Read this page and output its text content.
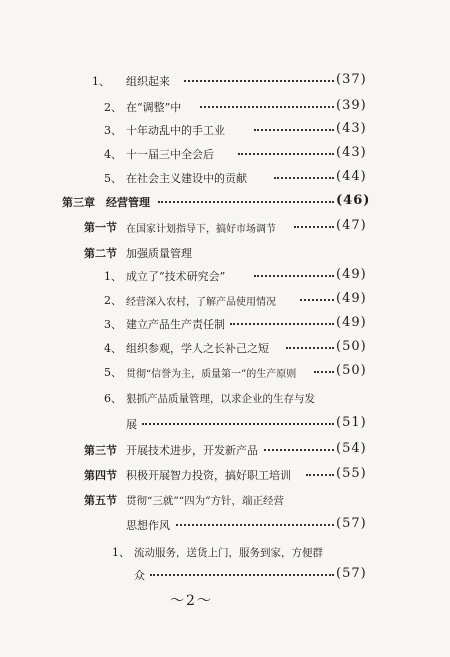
1、	组织起来	(37)
2、 在“调整”中	(39)
3、 十年动乱中的手工业	(43)
4、 十一届三中全会后	(43)
5、 在社会主义建设中的贡献	(44)
第三章	经营管理	(46)
第一节 在国家计划指导下，搞好市场调节	(47)
第二节 加强质量管理
1、 成立了“技术研究会”	(49)
2、 经营深入农村，了解产品使用情况	(49)
3、 建立产品生产责任制	(49)
4、 组织参观，学人之长补己之短	(50)
5、 贯彻“信誉为主，质量第一”的生产原则	(50)
6、 狠抓产品质量管理，以求企业的生存与发
展	(51)
第三节 开展技术进步，开发新产品	(54)
第四节 积极开展智力投资，搞好职工培训	(55)
第五节 贯彻“三就”“四为”方针，端正经营
思想作风	(57)
1、 流动服务，送货上门，服务到家，方便群
众	(57)
～2～
